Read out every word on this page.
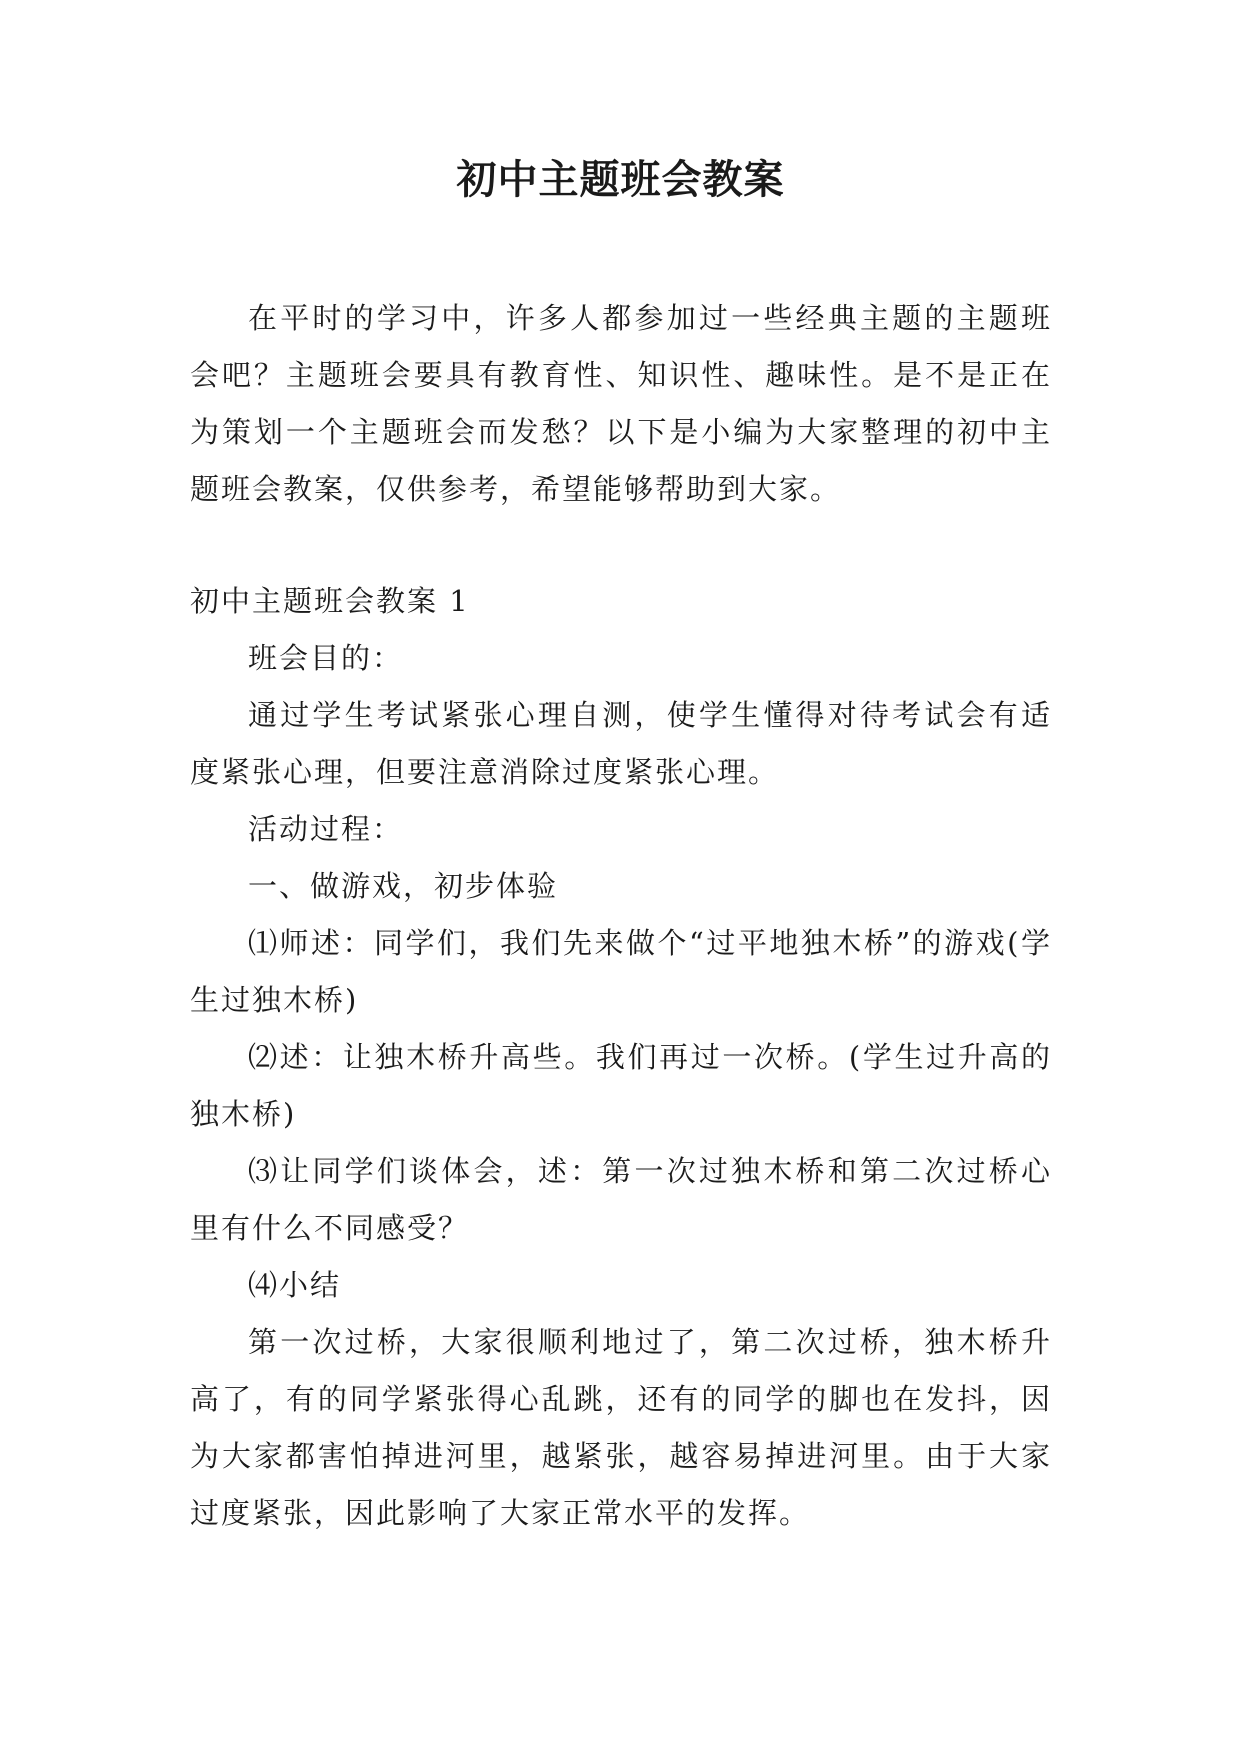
初中主题班会教案

在平时的学习中，许多人都参加过一些经典主题的主题班会吧？主题班会要具有教育性、知识性、趣味性。是不是正在为策划一个主题班会而发愁？以下是小编为大家整理的初中主题班会教案，仅供参考，希望能够帮助到大家。

初中主题班会教案 1

班会目的：

通过学生考试紧张心理自测，使学生懂得对待考试会有适度紧张心理，但要注意消除过度紧张心理。

活动过程：

一、做游戏，初步体验

⑴师述：同学们，我们先来做个“过平地独木桥”的游戏(学生过独木桥)

⑵述：让独木桥升高些。我们再过一次桥。(学生过升高的独木桥)

⑶让同学们谈体会，述：第一次过独木桥和第二次过桥心里有什么不同感受？

⑷小结

第一次过桥，大家很顺利地过了，第二次过桥，独木桥升高了，有的同学紧张得心乱跳，还有的同学的脚也在发抖，因为大家都害怕掉进河里，越紧张，越容易掉进河里。由于大家过度紧张，因此影响了大家正常水平的发挥。
